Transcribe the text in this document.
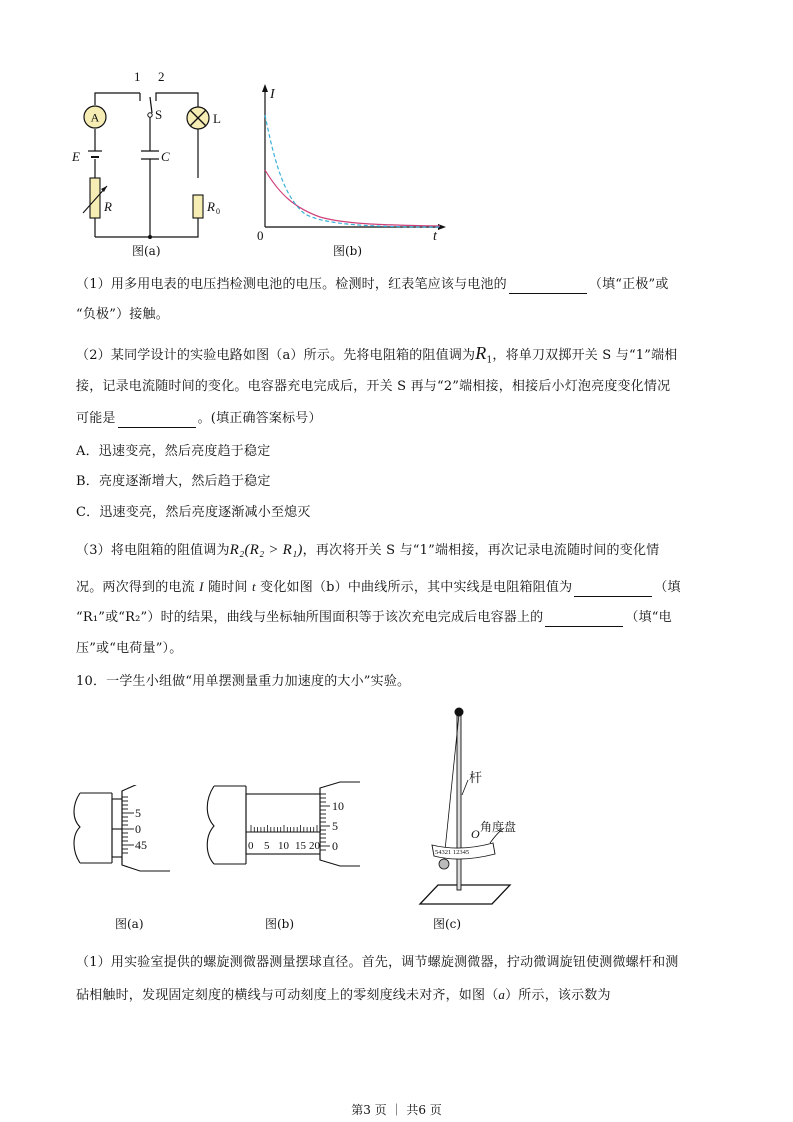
A
1 2
S	L
E	C
R	R 0
图(a)
I
t
0
图(b)
（1）用多用电表的电压挡检测电池的电压。检测时，红表笔应该与电池的	（填“正极”或
“负极”）接触。
（2）某同学设计的实验电路如图（a）所示。先将电阻箱的阻值调为$R_1$，将单刀双掷开关 S 与“1”端相
接，记录电流随时间的变化。电容器充电完成后，开关 S 再与“2”端相接，相接后小灯泡亮度变化情况
可能是	。(填正确答案标号）
A．迅速变亮，然后亮度趋于稳定
B．亮度逐渐增大，然后趋于稳定
C．迅速变亮，然后亮度逐渐减小至熄灭
（3）将电阻箱的阻值调为R₂(R₂ > R₁)，再次将开关 S 与“1”端相接，再次记录电流随时间的变化情
况。两次得到的电流 I 随时间 t 变化如图（b）中曲线所示，其中实线是电阻箱阻值为	（填
“R₁”或“R₂”）时的结果，曲线与坐标轴所围面积等于该次充电完成后电容器上的	（填“电
压”或“电荷量”）。
10．一学生小组做“用单摆测量重力加速度的大小”实验。
5
0
45
图(a)
0 5 10 15 20
10
5
0
图(b)
54321 12345
杆
O 角度盘
图(c)
（1）用实验室提供的螺旋测微器测量摆球直径。首先，调节螺旋测微器，拧动微调旋钮使测微螺杆和测
砧相触时，发现固定刻度的横线与可动刻度上的零刻度线未对齐，如图（a）所示，该示数为
第3 页 ｜ 共6 页
